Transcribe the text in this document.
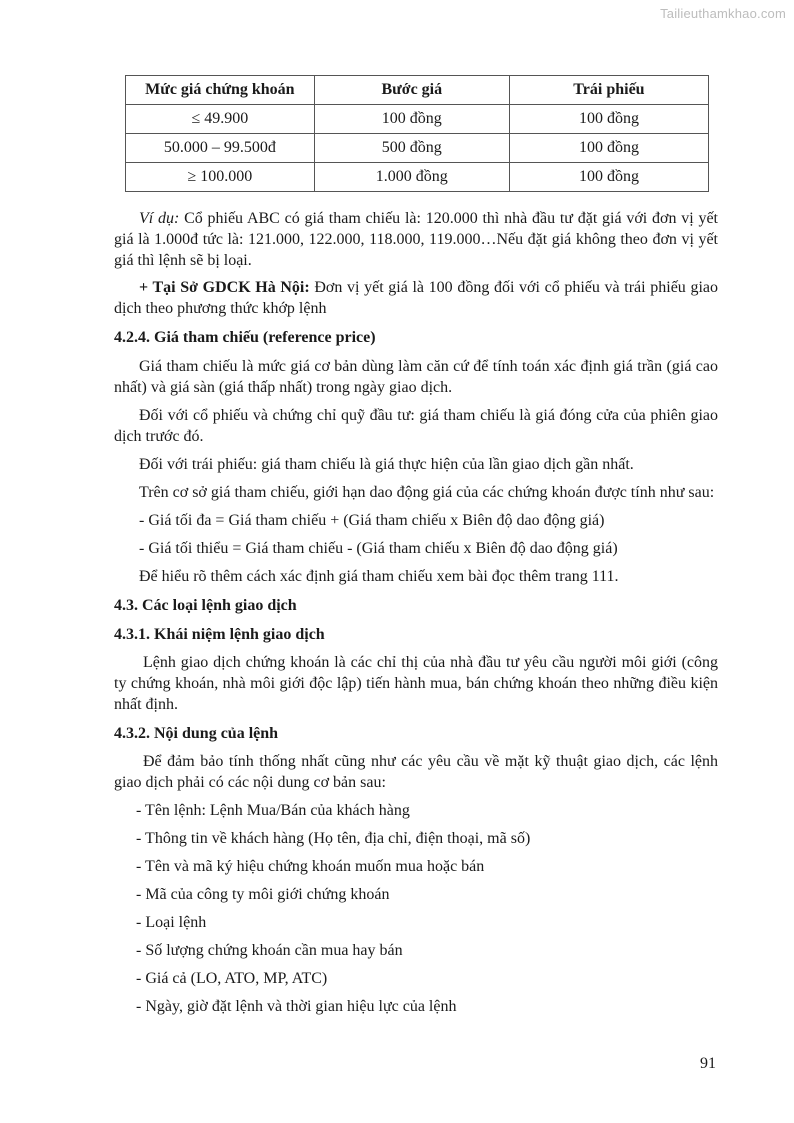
Tailieuthamkhao.com
Mức giá chứng khoán	Bước giá	Trái phiếu
≤ 49.900	100 đồng	100 đồng
50.000 – 99.500đ	500 đồng	100 đồng
≥ 100.000	1.000 đồng	100 đồng

Ví dụ: Cổ phiếu ABC có giá tham chiếu là: 120.000 thì nhà đầu tư đặt giá với đơn vị yết giá là 1.000đ tức là: 121.000, 122.000, 118.000, 119.000…Nếu đặt giá không theo đơn vị yết giá thì lệnh sẽ bị loại.

+ Tại Sở GDCK Hà Nội: Đơn vị yết giá là 100 đồng đối với cổ phiếu và trái phiếu giao dịch theo phương thức khớp lệnh

4.2.4. Giá tham chiếu (reference price)

Giá tham chiếu là mức giá cơ bản dùng làm căn cứ để tính toán xác định giá trần (giá cao nhất) và giá sàn (giá thấp nhất) trong ngày giao dịch.

Đối với cổ phiếu và chứng chỉ quỹ đầu tư: giá tham chiếu là giá đóng cửa của phiên giao dịch trước đó.

Đối với trái phiếu: giá tham chiếu là giá thực hiện của lần giao dịch gần nhất.

Trên cơ sở giá tham chiếu, giới hạn dao động giá của các chứng khoán được tính như sau:

- Giá tối đa = Giá tham chiếu + (Giá tham chiếu x Biên độ dao động giá)

- Giá tối thiểu = Giá tham chiếu - (Giá tham chiếu x Biên độ dao động giá)

Để hiểu rõ thêm cách xác định giá tham chiếu xem bài đọc thêm trang 111.

4.3. Các loại lệnh giao dịch
4.3.1. Khái niệm lệnh giao dịch

Lệnh giao dịch chứng khoán là các chỉ thị của nhà đầu tư yêu cầu người môi giới (công ty chứng khoán, nhà môi giới độc lập) tiến hành mua, bán chứng khoán theo những điều kiện nhất định.

4.3.2. Nội dung của lệnh

Để đảm bảo tính thống nhất cũng như các yêu cầu về mặt kỹ thuật giao dịch, các lệnh giao dịch phải có các nội dung cơ bản sau:

- Tên lệnh: Lệnh Mua/Bán của khách hàng

- Thông tin về khách hàng (Họ tên, địa chỉ, điện thoại, mã số)

- Tên và mã ký hiệu chứng khoán muốn mua hoặc bán

- Mã của công ty môi giới chứng khoán

- Loại lệnh

- Số lượng chứng khoán cần mua hay bán

- Giá cả (LO, ATO, MP, ATC)

- Ngày, giờ đặt lệnh và thời gian hiệu lực của lệnh

91
